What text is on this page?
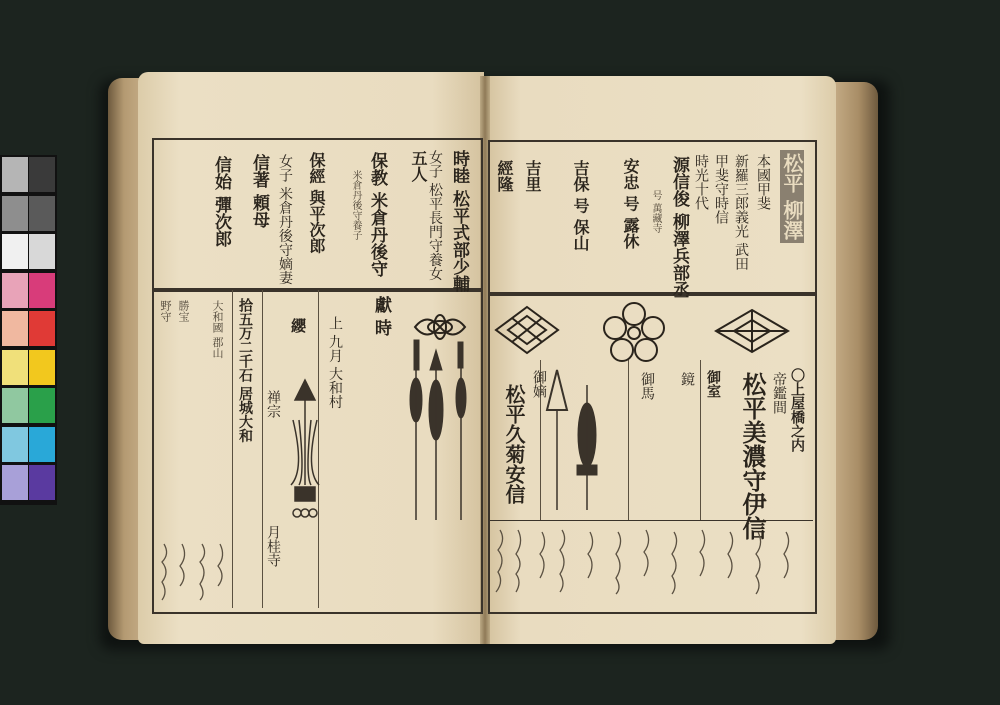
時睦 松平式部少輔
女子 松平長門守養女
五人
保教 米倉丹後守
米倉丹後守養子
保經 與平次郎
信著 頼母 女子 米倉丹後守嫡妻
信始 彈次郎
獻 時
上 九月 大和村
纓
禅宗
月桂寺
拾五万二千石 居城大和
大和國 郡山
勝宝
野守
松平 柳澤
本國甲斐
新羅三郎義光 武田
甲斐守時信
時光十代
源信俊 柳澤兵部丞
号 萬藏寺
安忠 号 露休
吉保 号 保山
吉里
經隆
〇上屋橋之内
松平美濃守伊信 帝鑑間
御室
鏡
御馬
松平久菊安信 御嫡
